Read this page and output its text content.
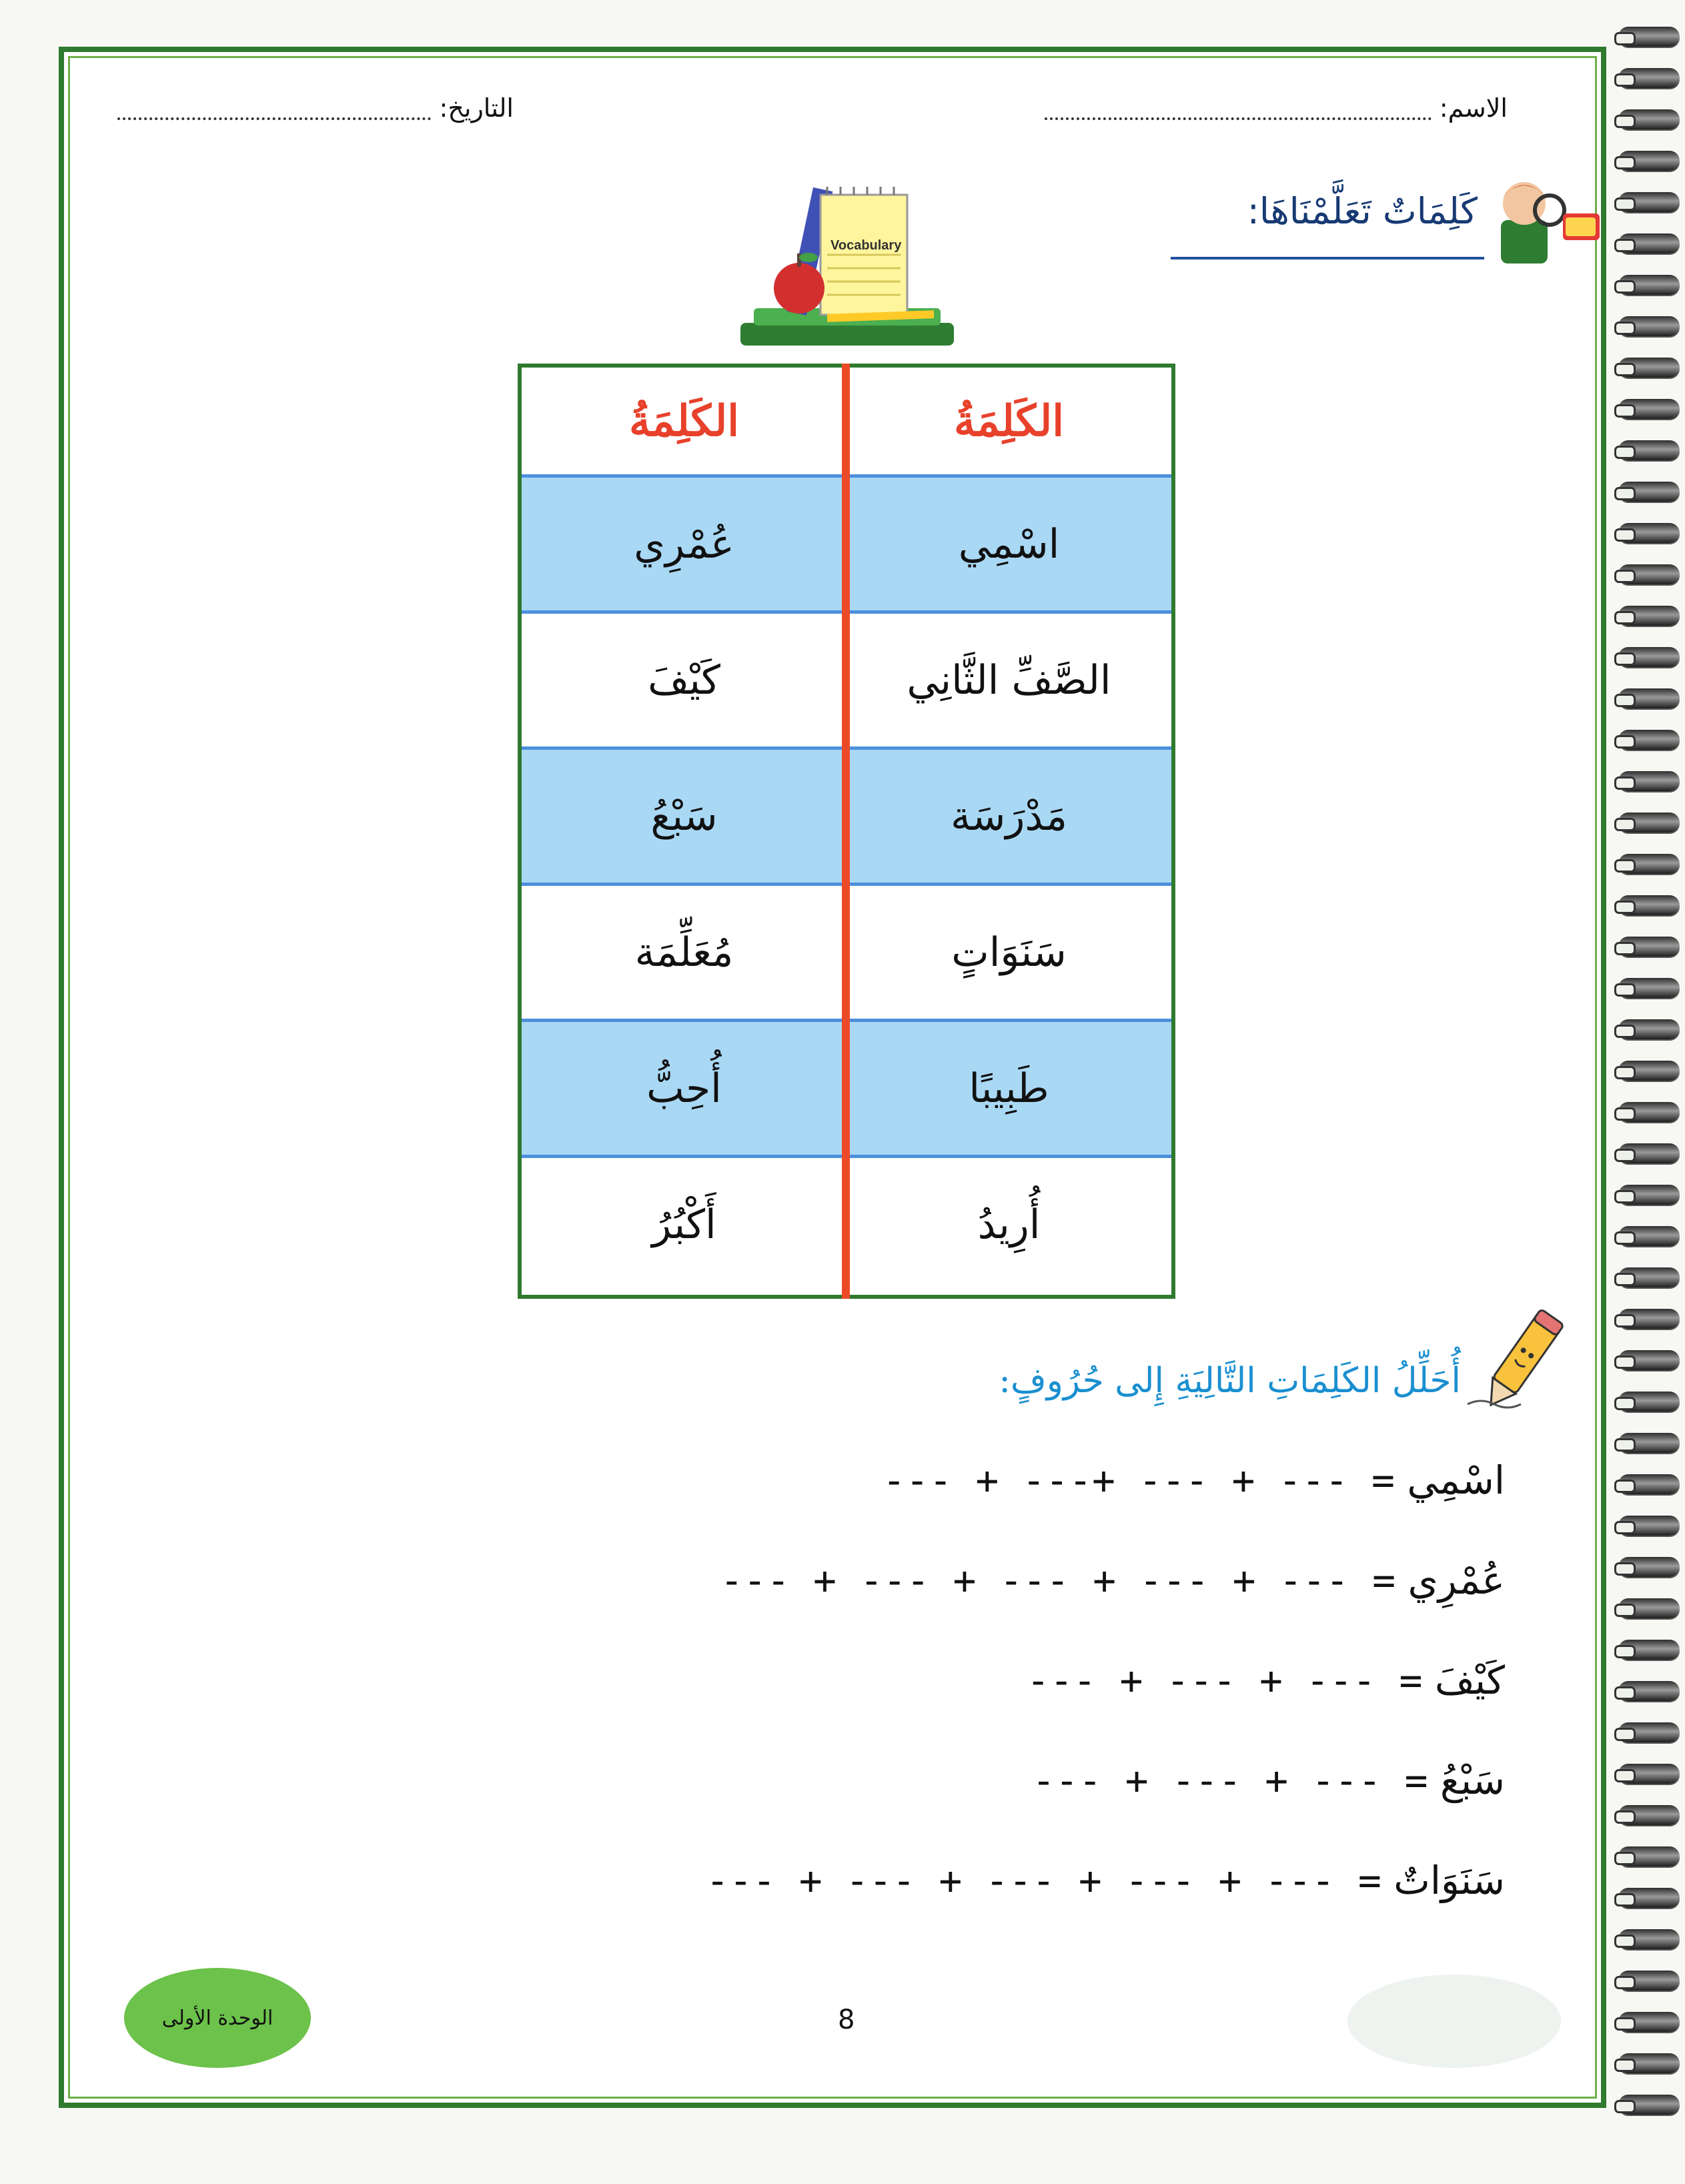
الاسم:
التاريخ:
كَلِمَاتٌ تَعَلَّمْنَاهَا:
Vocabulary
الكَلِمَةُ
الكَلِمَةُ
اسْمِي
عُمْرِي
الصَّفِّ الثَّانِي
كَيْفَ
مَدْرَسَة
سَبْعُ
سَنَوَاتٍ
مُعَلِّمَة
طَبِيبًا
أُحِبُّ
أُرِيدُ
أَكْبُرُ
أُحَلِّلُ الكَلِمَاتِ التَّالِيَةِ إِلى حُرُوفٍ:
اسْمِي = --- + --- +--- + ---
عُمْرِي = --- + --- + --- + --- + ---
كَيْفَ = --- + --- + ---
سَبْعُ = --- + --- + ---
سَنَوَاتٌ = --- + --- + --- + --- + ---
8
الوحدة الأولى
